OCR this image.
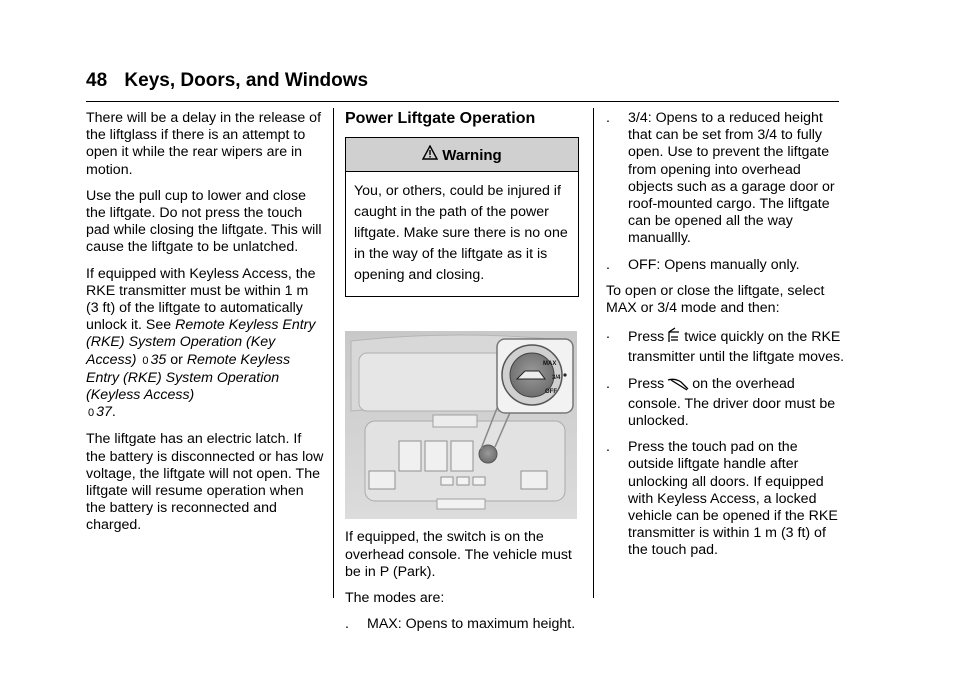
48 Keys, Doors, and Windows

There will be a delay in the release of the liftglass if there is an attempt to open it while the rear wipers are in motion.

Use the pull cup to lower and close the liftgate. Do not press the touch pad while closing the liftgate. This will cause the liftgate to be unlatched.

If equipped with Keyless Access, the RKE transmitter must be within 1 m (3 ft) of the liftgate to automatically unlock it. See Remote Keyless Entry (RKE) System Operation (Key Access) 0 35 or Remote Keyless Entry (RKE) System Operation (Keyless Access)
0 37.

The liftgate has an electric latch. If the battery is disconnected or has low voltage, the liftgate will not open. The liftgate will resume operation when the battery is reconnected and charged.

Power Liftgate Operation
Warning
You, or others, could be injured if caught in the path of the power liftgate. Make sure there is no one in the way of the liftgate as it is opening and closing.
MAX
3/4
OFF

If equipped, the switch is on the overhead console. The vehicle must be in P (Park).

The modes are:

. MAX: Opens to maximum height.
. 3/4: Opens to a reduced height that can be set from 3/4 to fully open. Use to prevent the liftgate from opening into overhead objects such as a garage door or roof-mounted cargo. The liftgate can be opened all the way manuallly.
. OFF: Opens manually only.

To open or close the liftgate, select MAX or 3/4 mode and then:

. Press twice quickly on the RKE transmitter until the liftgate moves.
. Press on the overhead console. The driver door must be unlocked.
. Press the touch pad on the outside liftgate handle after unlocking all doors. If equipped with Keyless Access, a locked vehicle can be opened if the RKE transmitter is within 1 m (3 ft) of the touch pad.
